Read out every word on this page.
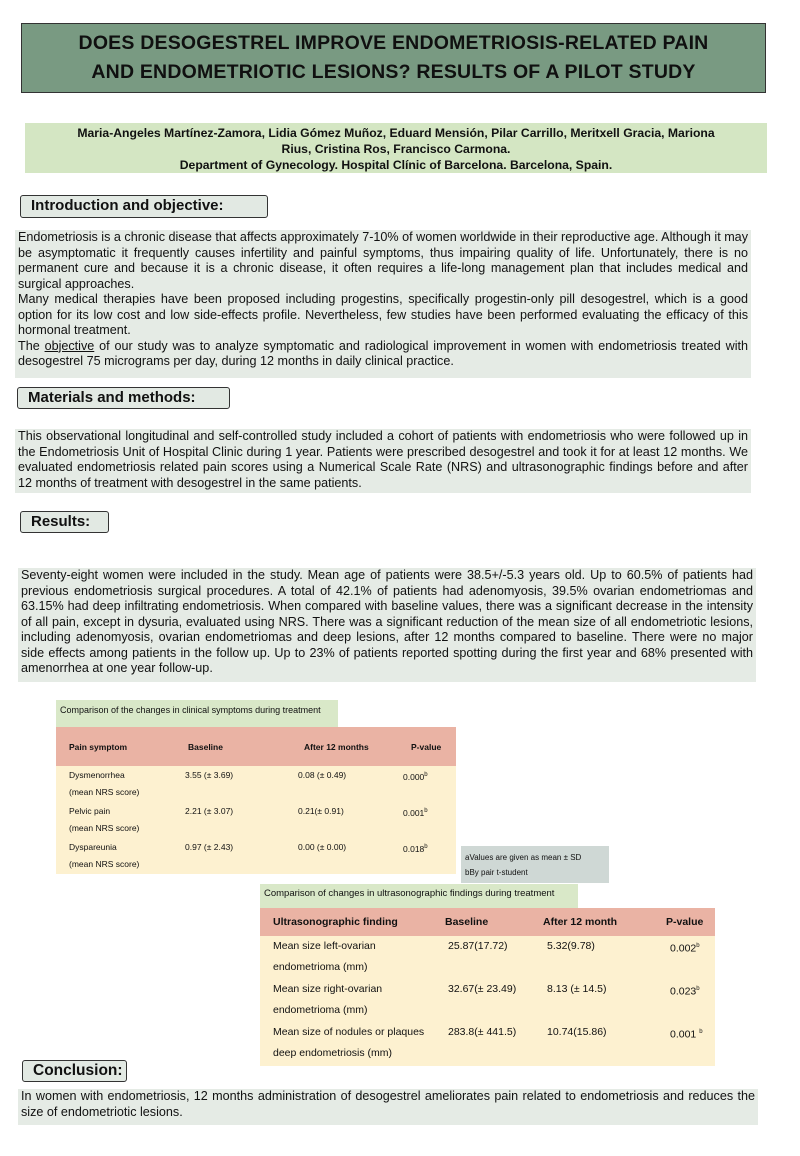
DOES DESOGESTREL IMPROVE ENDOMETRIOSIS-RELATED PAIN
AND ENDOMETRIOTIC LESIONS? RESULTS OF A PILOT STUDY
Maria-Angeles Martínez-Zamora, Lidia Gómez Muñoz, Eduard Mensión, Pilar Carrillo, Meritxell Gracia, Mariona
Rius, Cristina Ros, Francisco Carmona.
Department of Gynecology. Hospital Clínic of Barcelona. Barcelona, Spain.
Introduction and objective:

Endometriosis is a chronic disease that affects approximately 7-10% of women worldwide in their reproductive age. Although it may be asymptomatic it frequently causes infertility and painful symptoms, thus impairing quality of life. Unfortunately, there is no permanent cure and because it is a chronic disease, it often requires a life-long management plan that includes medical and surgical approaches.

Many medical therapies have been proposed including progestins, specifically progestin-only pill desogestrel, which is a good option for its low cost and low side-effects profile. Nevertheless, few studies have been performed evaluating the efficacy of this hormonal treatment.

The objective of our study was to analyze symptomatic and radiological improvement in women with endometriosis treated with desogestrel 75 micrograms per day, during 12 months in daily clinical practice.

Materials and methods:
This observational longitudinal and self-controlled study included a cohort of patients with endometriosis who were followed up in the Endometriosis Unit of Hospital Clinic during 1 year. Patients were prescribed desogestrel and took it for at least 12 months. We evaluated endometriosis related pain scores using a Numerical Scale Rate (NRS) and ultrasonographic findings before and after 12 months of treatment with desogestrel in the same patients.
Results:
Seventy-eight women were included in the study. Mean age of patients were 38.5+/-5.3 years old. Up to 60.5% of patients had previous endometriosis surgical procedures. A total of 42.1% of patients had adenomyosis, 39.5% ovarian endometriomas and 63.15% had deep infiltrating endometriosis. When compared with baseline values, there was a significant decrease in the intensity of all pain, except in dysuria, evaluated using NRS. There was a significant reduction of the mean size of all endometriotic lesions, including adenomyosis, ovarian endometriomas and deep lesions, after 12 months compared to baseline. There were no major side effects among patients in the follow up. Up to 23% of patients reported spotting during the first year and 68% presented with amenorrhea at one year follow-up.
Comparison of the changes in clinical symptoms during treatment
Pain symptom	Baseline	After 12 months	P-value
Dysmenorrhea
(mean NRS score)
3.55 (± 3.69)	0.08 (± 0.49)	0.000$^b$
Pelvic pain
(mean NRS score)
2.21 (± 3.07)	0.21(± 0.91)	0.001$^b$
Dyspareunia
(mean NRS score)
0.97 (± 2.43)	0.00 (± 0.00)	0.018$^b$
aValues are given as mean ± SD
bBy pair t-student
Comparison of changes in ultrasonographic findings during treatment
Ultrasonographic finding	Baseline	After 12 month	P-value
Mean size left-ovarian
endometrioma (mm)
25.87(17.72)	5.32(9.78)	0.002$^b$
Mean size right-ovarian
endometrioma (mm)
32.67(± 23.49)	8.13 (± 14.5)	0.023$^b$
Mean size of nodules or plaques
deep endometriosis (mm)
283.8(± 441.5)	10.74(15.86)	0.001 $^b$
Conclusion:
In women with endometriosis, 12 months administration of desogestrel ameliorates pain related to endometriosis and reduces the size of endometriotic lesions.
